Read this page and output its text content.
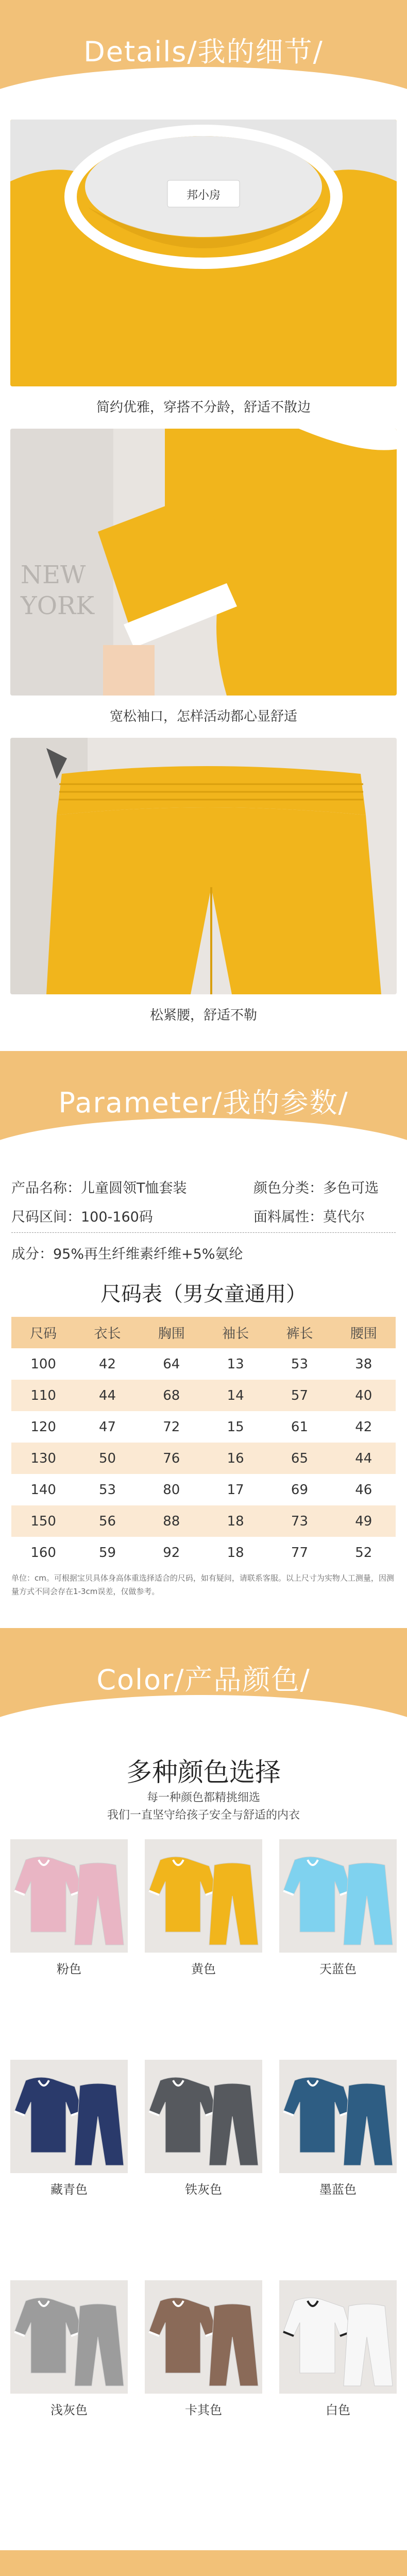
Details/我的细节/
邦小房
简约优雅，穿搭不分龄，舒适不散边
NEW
YORK
宽松袖口，怎样活动都心显舒适
松紧腰，舒适不勒
Parameter/我的参数/
产品名称：儿童圆领T恤套装	颜色分类：多色可选
尺码区间：100-160码	面料属性：莫代尔
成分：95%再生纤维素纤维+5%氨纶
尺码表（男女童通用）
尺码	衣长	胸围	袖长	裤长	腰围
100	42	64	13	53	38
110	44	68	14	57	40
120	47	72	15	61	42
130	50	76	16	65	44
140	53	80	17	69	46
150	56	88	18	73	49
160	59	92	18	77	52
单位：cm。可根据宝贝具体身高体重选择适合的尺码，如有疑问，请联系客服。以上尺寸为实物人工测量，因测量方式不同会存在1-3cm误差，仅做参考。
Color/产品颜色/
多种颜色选择
每一种颜色都精挑细选
我们一直坚守给孩子安全与舒适的内衣
粉色	黄色	天蓝色
藏青色	铁灰色	墨蓝色
浅灰色	卡其色	白色
